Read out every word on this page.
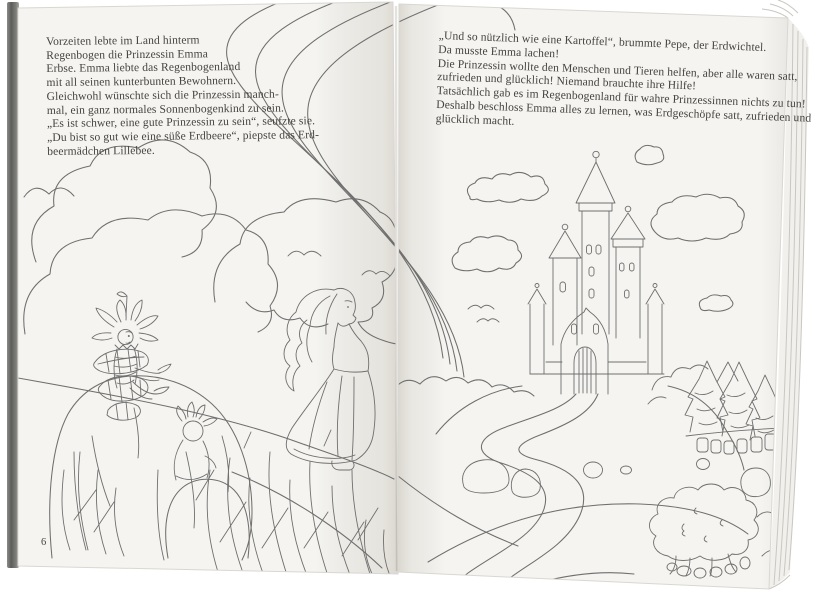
Vorzeiten lebte im Land hinterm
Regenbogen die Prinzessin Emma
Erbse. Emma liebte das Regenbogenland
mit all seinen kunterbunten Bewohnern.
Gleichwohl wünschte sich die Prinzessin manch-
mal, ein ganz normales Sonnenbogenkind zu sein.
„Es ist schwer, eine gute Prinzessin zu sein“, seufzte sie.
„Du bist so gut wie eine süße Erdbeere“, piepste das Erd-
beermädchen Lillebee.
„Und so nützlich wie eine Kartoffel“, brummte Pepe, der Erdwichtel.
Da musste Emma lachen!
Die Prinzessin wollte den Menschen und Tieren helfen, aber alle waren satt,
zufrieden und glücklich! Niemand brauchte ihre Hilfe!
Tatsächlich gab es im Regenbogenland für wahre Prinzessinnen nichts zu tun!
Deshalb beschloss Emma alles zu lernen, was Erdgeschöpfe satt, zufrieden und
glücklich macht.
6
